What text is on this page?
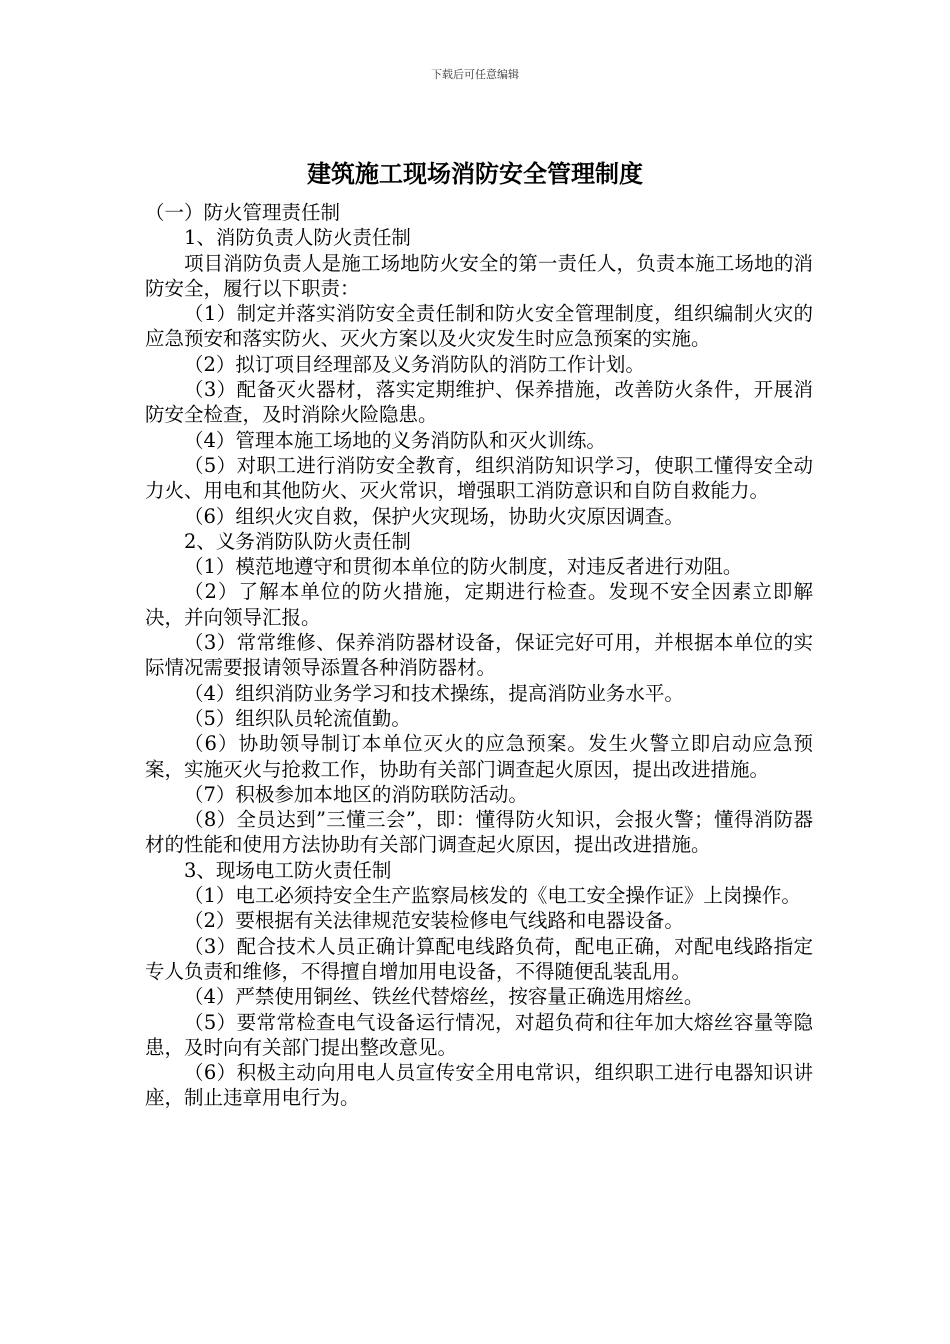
下载后可任意编辑
建筑施工现场消防安全管理制度

（一）防火管理责任制

1、消防负责人防火责任制

项目消防负责人是施工场地防火安全的第一责任人，负责本施工场地的消防安全，履行以下职责：

（1）制定并落实消防安全责任制和防火安全管理制度，组织编制火灾的应急预安和落实防火、灭火方案以及火灾发生时应急预案的实施。

（2）拟订项目经理部及义务消防队的消防工作计划。

（3）配备灭火器材，落实定期维护、保养措施，改善防火条件，开展消防安全检查，及时消除火险隐患。

（4）管理本施工场地的义务消防队和灭火训练。

（5）对职工进行消防安全教育，组织消防知识学习，使职工懂得安全动力火、用电和其他防火、灭火常识，增强职工消防意识和自防自救能力。

（6）组织火灾自救，保护火灾现场，协助火灾原因调查。

2、义务消防队防火责任制

（1）模范地遵守和贯彻本单位的防火制度，对违反者进行劝阻。

（2）了解本单位的防火措施，定期进行检查。发现不安全因素立即解决，并向领导汇报。

（3）常常维修、保养消防器材设备，保证完好可用，并根据本单位的实际情况需要报请领导添置各种消防器材。

（4）组织消防业务学习和技术操练，提高消防业务水平。

（5）组织队员轮流值勤。

（6）协助领导制订本单位灭火的应急预案。发生火警立即启动应急预案，实施灭火与抢救工作，协助有关部门调查起火原因，提出改进措施。

（7）积极参加本地区的消防联防活动。

（8）全员达到”三懂三会”，即：懂得防火知识，会报火警；懂得消防器材的性能和使用方法协助有关部门调查起火原因，提出改进措施。

3、现场电工防火责任制

（1）电工必须持安全生产监察局核发的《电工安全操作证》上岗操作。

（2）要根据有关法律规范安装检修电气线路和电器设备。

（3）配合技术人员正确计算配电线路负荷，配电正确，对配电线路指定专人负责和维修，不得擅自增加用电设备，不得随便乱装乱用。

（4）严禁使用铜丝、铁丝代替熔丝，按容量正确选用熔丝。

（5）要常常检查电气设备运行情况，对超负荷和往年加大熔丝容量等隐患，及时向有关部门提出整改意见。

（6）积极主动向用电人员宣传安全用电常识，组织职工进行电器知识讲座，制止违章用电行为。
